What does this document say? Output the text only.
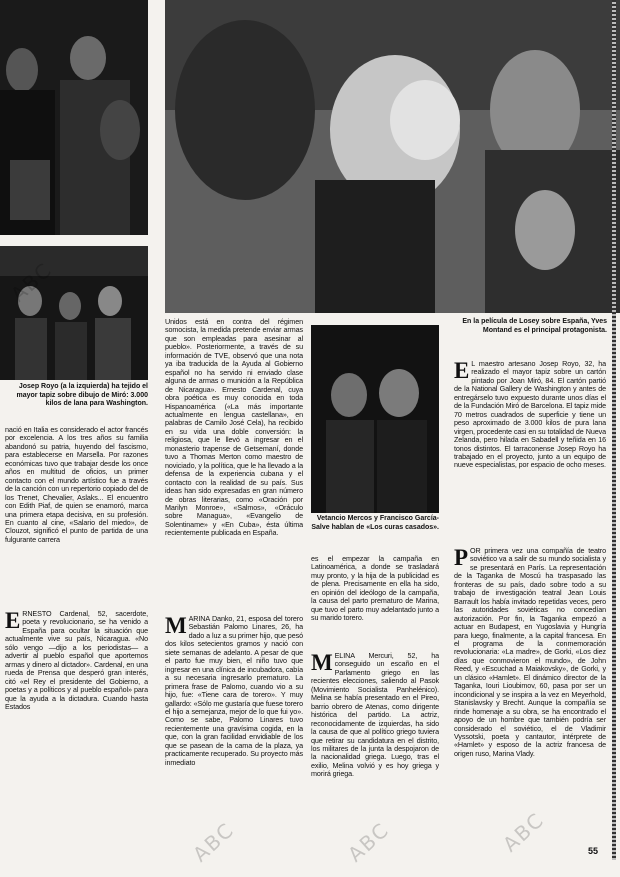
Josep Royo (a la izquierda) ha tejido el mayor tapiz sobre dibujo de Miró: 3.000 kilos de lana para Washington.
En la película de Losey sobre España, Yves Montand es el principal protagonista.
Vetancio Mercos y Francisco García-Salve hablan de «Los curas casados».
nació en Italia es considerado el actor francés por excelencia. A los tres años su familia abandonó su patria, huyendo del fascismo, para establecerse en Marsella. Por razones económicas tuvo que trabajar desde los once años en multitud de oficios, un primer contacto con el mundo artístico fue a través de la canción con un repertorio copiado del de los Trenet, Chevalier, Aslaks... El encuentro con Edith Piaf, de quien se enamoró, marca una primera etapa decisiva, en su profesión. En cuanto al cine, «Salario del miedo», de Clouzot, significó el punto de partida de una fulgurante carrera
E RNESTO Cardenal, 52, sacerdote, poeta y revolucionario, se ha venido a España para ocultar la situación que actualmente vive su país, Nicaragua. «No sólo vengo —dijo a los periodistas— a advertir al pueblo español que aportemos armas y dinero al dictador». Cardenal, en una rueda de Prensa que desperó gran interés, citó «el Rey el presidente del Gobierno, a poetas y a políticos y al pueblo español» para que la ayuda a la dictadura. Cuando hasta Estados
Unidos está en contra del régimen somocista, la medida pretende enviar armas que son empleadas para asesinar al pueblo». Posteriormente, a través de su información de TVE, observó que una nota ya iba traducida de la Ayuda al Gobierno español no ha servido ni enviado clase alguna de armas o munición a la República de Nicaragua». Ernesto Cardenal, cuya obra poética es muy conocida en toda Hispanoamérica («La más importante actualmente en lengua castellana», en palabras de Camilo José Cela), ha recibido en su vida una doble conversión: la religiosa, que le llevó a ingresar en el monasterio trapense de Getsemaní, donde tuvo a Thomas Merton como maestro de noviciado, y la política, que le ha llevado a la defensa de la experiencia cubana y el contacto con la realidad de su país. Sus ideas han sido expresadas en gran número de obras literarias, como «Oración por Marilyn Monroe», «Salmos», «Oráculo sobre Managua», «Evangelio de Solentiname» y «En Cuba», ésta última recientemente publicada en España.
M ARINA Danko, 21, esposa del torero Sebastián Palomo Linares, 26, ha dado a luz a su primer hijo, que pesó dos kilos setecientos gramos y nació con siete semanas de adelanto. A pesar de que el parto fue muy bien, el niño tuvo que ingresar en una clínica de incubadora, cabía a su necesaria ingresarlo prematuro. La primera frase de Palomo, cuando vio a su hijo, fue: «Tiene cara de torero». Y muy gallardo: «Sólo me gustaría que fuese torero el hijo a semejanza, mejor de lo que fui yo». Como se sabe, Palomo Linares tuvo recientemente una gravísima cogida, en la que, con la gran facilidad envidiable de los que se pasean de la cama de la plaza, ya practicamente recuperado. Su proyecto más inmediato
es el empezar la campaña en Latinoamérica, a donde se trasladará muy pronto, y la hija de la publicidad es de plena. Precisamente en ella ha sido, en opinión del ideólogo de la campaña, la causa del parto prematuro de Marina, que tuvo el parto muy adelantado junto a su marido torero.
M ELINA Mercuri, 52, ha conseguido un escaño en el Parlamento griego en las recientes elecciones, saliendo al Pasok (Movimiento Socialista Panhelénico). Melina se había presentado en el Pireo, barrio obrero de Atenas, como dirigente histórica del partido. La actriz, reconocidamente de izquierdas, ha sido la causa de que al político griego tuviera que retirar su candidatura en el distrito, los militares de la junta la despojaron de la nacionalidad griega. Luego, tras el exilio, Melina volvió y es hoy griega y morirá griega.
E L maestro artesano Josep Royo, 32, ha realizado el mayor tapiz sobre un cartón pintado por Joan Miró, 84. El cartón partió de la National Gallery de Washington y antes de entregárselo tuvo expuesto durante unos días el de la Fundación Miró de Barcelona. El tapiz mide 70 metros cuadrados de superficie y tiene un peso aproximado de 3.000 kilos de pura lana virgen, procedente casi en su totalidad de Nueva Zelanda, pero hilada en Sabadell y teñida en 16 tonos distintos. El tarraconense Josep Royo ha trabajado en el proyecto, junto a un equipo de nueve especialistas, por espacio de ocho meses.
P OR primera vez una compañía de teatro soviético va a salir de su mundo socialista y se presentará en París. La representación de la Taganka de Moscú ha traspasado las fronteras de su país, dado sobre todo a su trabajo de investigación teatral Jean Louis Barrault los había invitado repetidas veces, pero las autoridades soviéticas no concedían autorización. Por fin, la Taganka empezó a actuar en Budapest, en Yugoslavia y Hungría para luego, finalmente, a la capital francesa. En el programa de la conmemoración revolucionaria: «La madre», de Gorki, «Los diez días que conmovieron el mundo», de John Reed, y «Escuchad a Maiakovsky», de Gorki, y un clásico «Hamlet». El dinámico director de la Taganka, Iouri Lioubimov, 60, pasa por ser un incondicional y se inspira a la vez en Meyerhold, Stanislavsky y Brecht. Aunque la compañía se rinde homenaje a su obra, se ha encontrado el apoyo de un hombre que también podría ser considerado el soviético, el de Vladimir Vyssotski, poeta y cantautor, intérprete de «Hamlet» y esposo de la actriz francesa de origen ruso, Marina Vlady.
ABC
ABC	ABC	ABC	55
